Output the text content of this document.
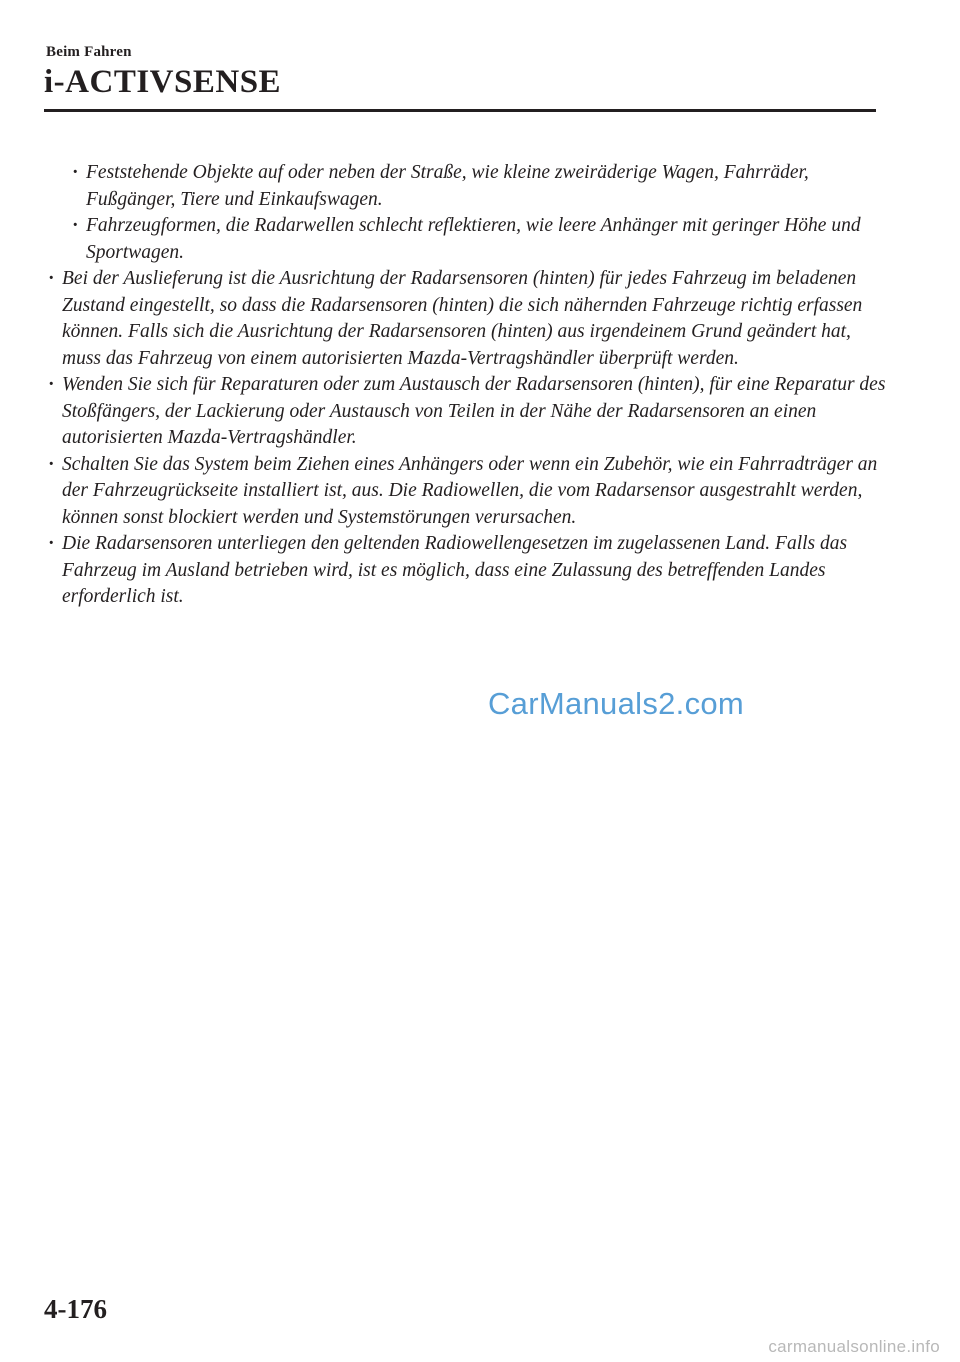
Beim Fahren
i-ACTIVSENSE
· Feststehende Objekte auf oder neben der Straße, wie kleine zweiräderige Wagen, Fahrräder, Fußgänger, Tiere und Einkaufswagen.
· Fahrzeugformen, die Radarwellen schlecht reflektieren, wie leere Anhänger mit geringer Höhe und Sportwagen.
· Bei der Auslieferung ist die Ausrichtung der Radarsensoren (hinten) für jedes Fahrzeug im beladenen Zustand eingestellt, so dass die Radarsensoren (hinten) die sich nähernden Fahrzeuge richtig erfassen können. Falls sich die Ausrichtung der Radarsensoren (hinten) aus irgendeinem Grund geändert hat, muss das Fahrzeug von einem autorisierten Mazda-Vertragshändler überprüft werden.
· Wenden Sie sich für Reparaturen oder zum Austausch der Radarsensoren (hinten), für eine Reparatur des Stoßfängers, der Lackierung oder Austausch von Teilen in der Nähe der Radarsensoren an einen autorisierten Mazda-Vertragshändler.
· Schalten Sie das System beim Ziehen eines Anhängers oder wenn ein Zubehör, wie ein Fahrradträger an der Fahrzeugrückseite installiert ist, aus. Die Radiowellen, die vom Radarsensor ausgestrahlt werden, können sonst blockiert werden und Systemstörungen verursachen.
· Die Radarsensoren unterliegen den geltenden Radiowellengesetzen im zugelassenen Land. Falls das Fahrzeug im Ausland betrieben wird, ist es möglich, dass eine Zulassung des betreffenden Landes erforderlich ist.
CarManuals2.com
4-176
carmanualsonline.info
